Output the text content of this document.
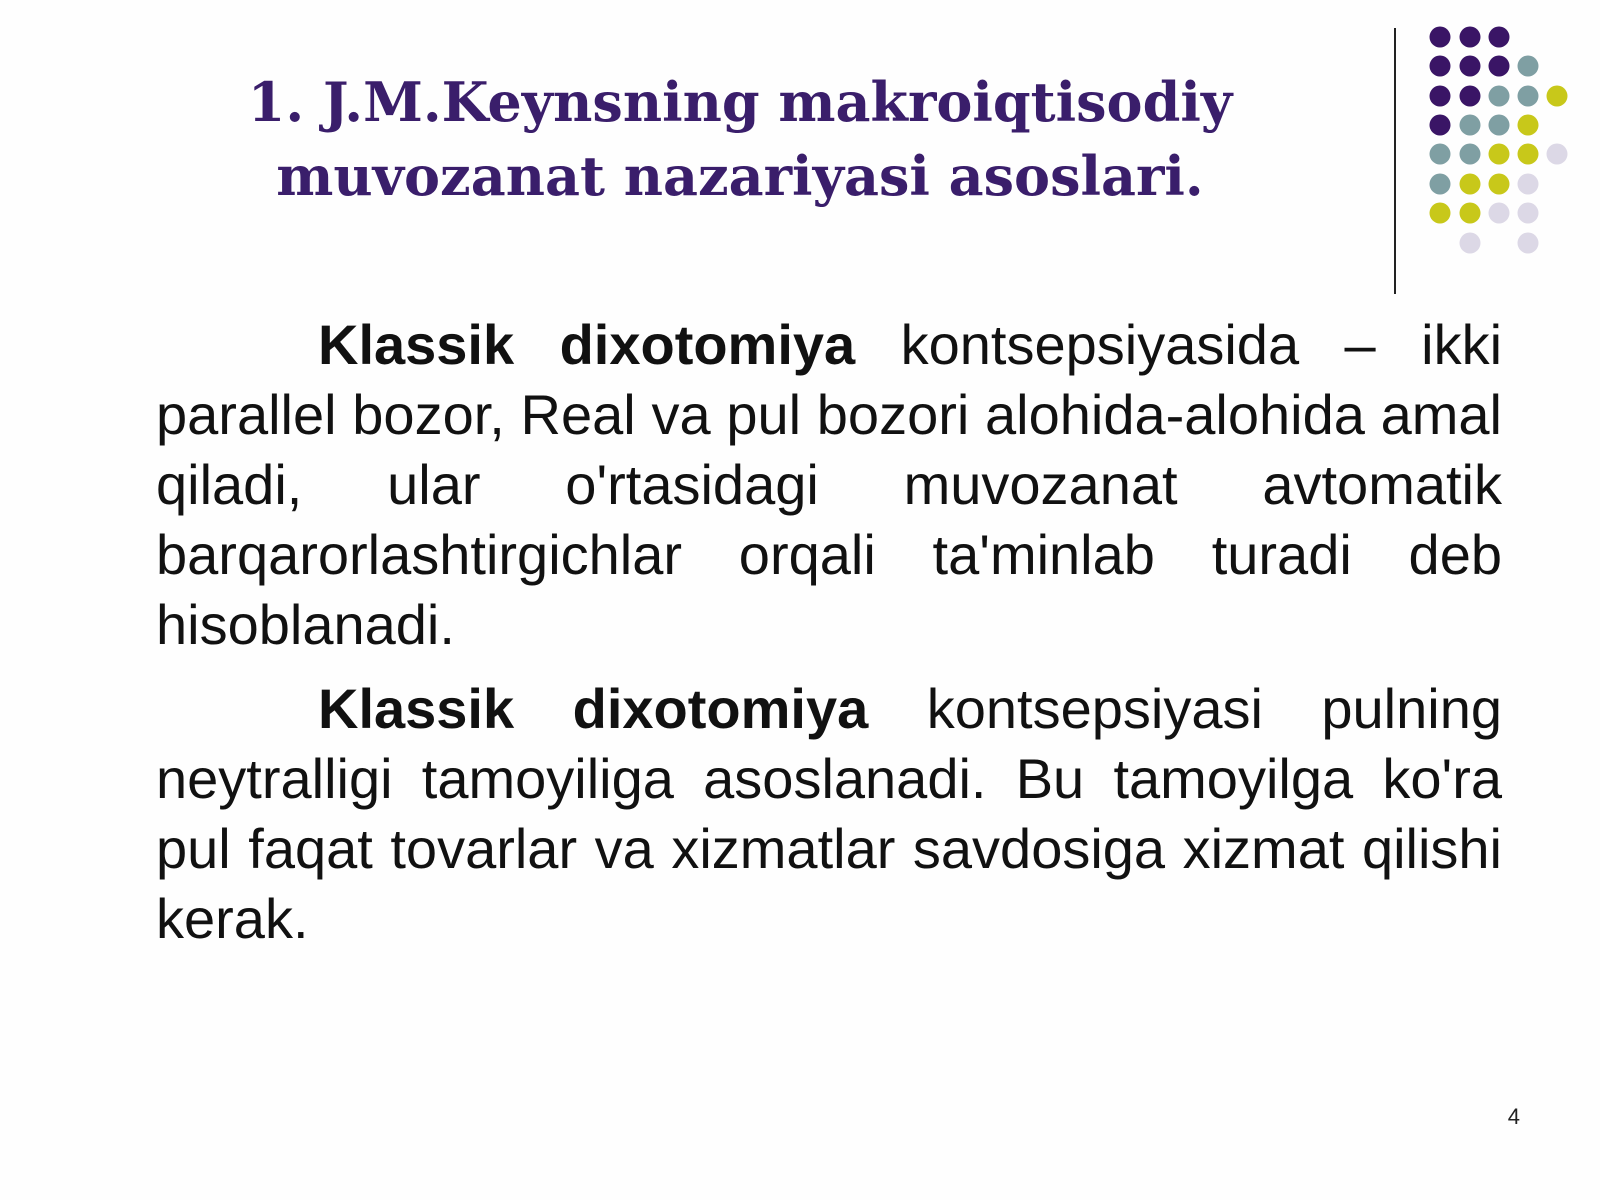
1. J.M.Keynsning makroiqtisodiy muvozanat nazariyasi asoslari.

Klassik dixotomiya kontsepsiyasida – ikki parallel bozor, Real va pul bozori alohida-alohida amal qiladi, ular o'rtasidagi muvozanat avtomatik barqarorlashtirgichlar orqali ta'minlab turadi deb hisoblanadi.

Klassik dixotomiya kontsepsiyasi pulning neytralligi tamoyiliga asoslanadi. Bu tamoyilga ko'ra pul faqat tovarlar va xizmatlar savdosiga xizmat qilishi kerak.

4
